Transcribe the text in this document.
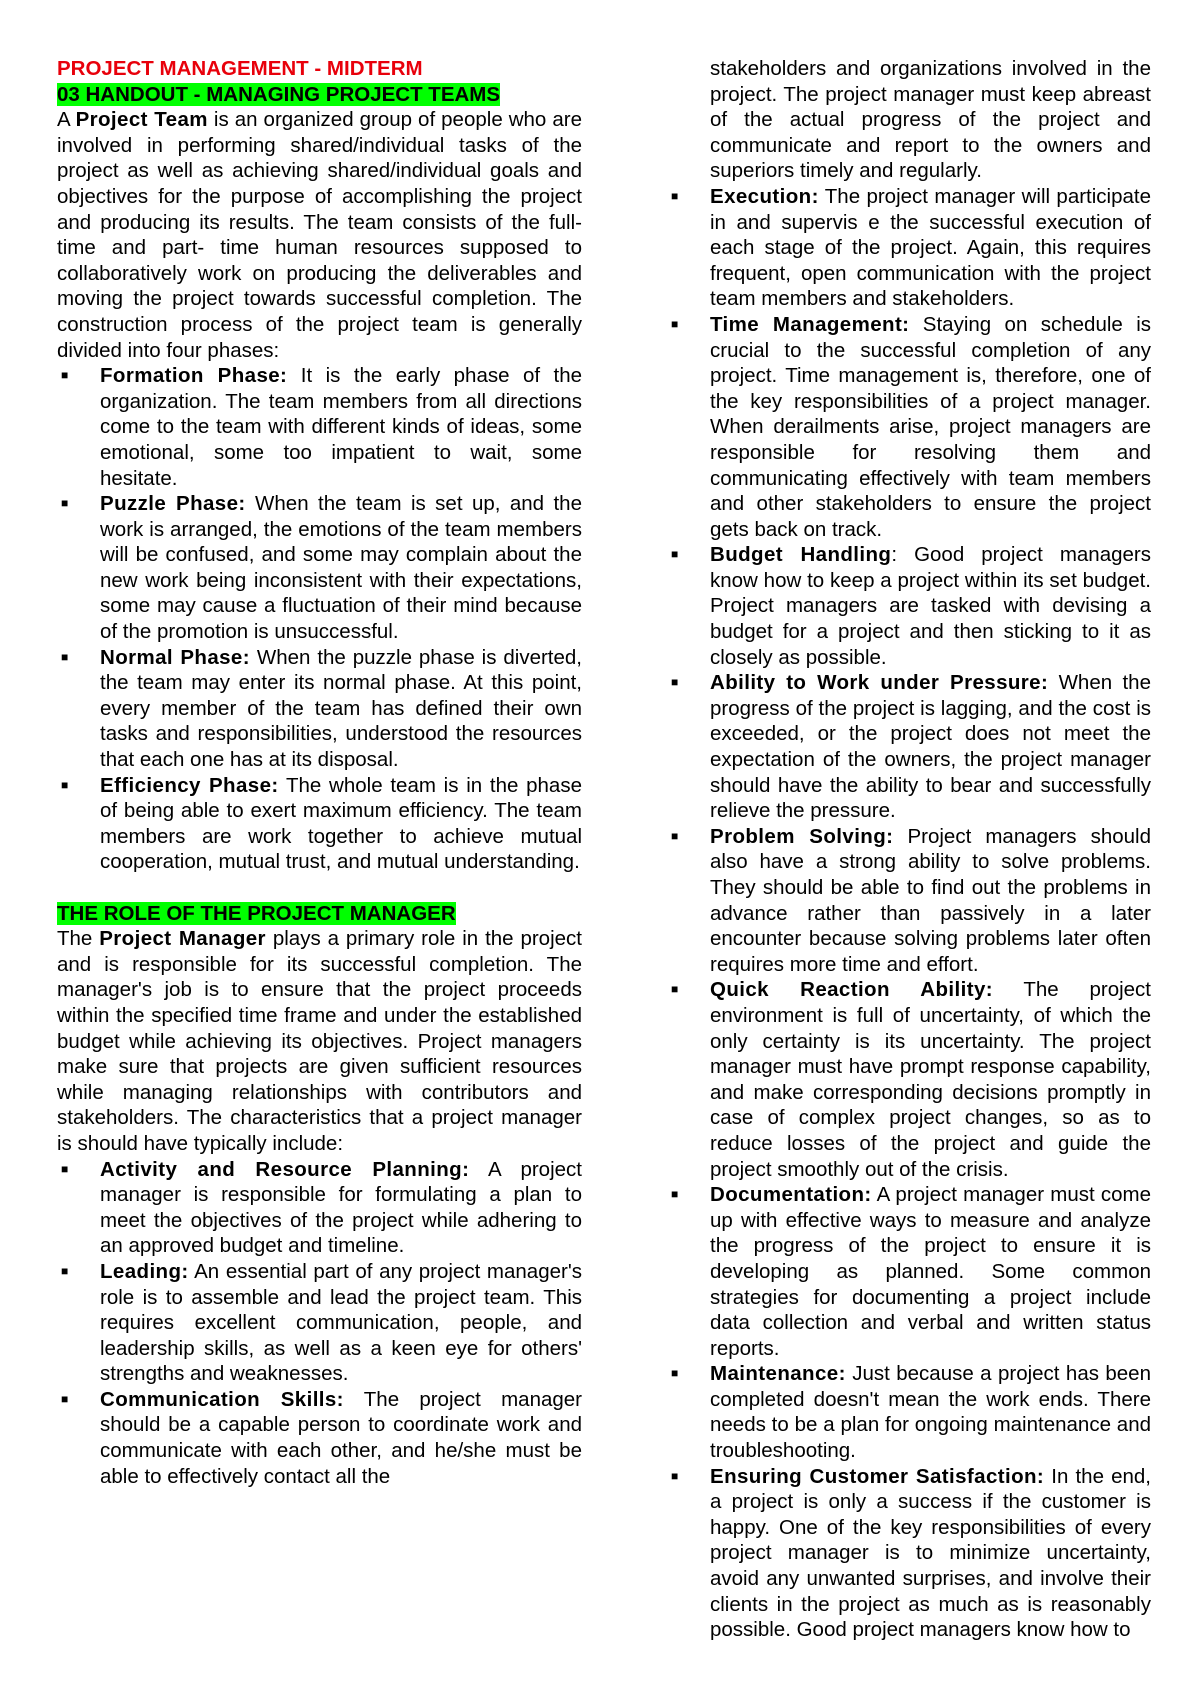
PROJECT MANAGEMENT - MIDTERM
03 HANDOUT - MANAGING PROJECT TEAMS

A Project Team is an organized group of people who are involved in performing shared/individual tasks of the project as well as achieving shared/individual goals and objectives for the purpose of accomplishing the project and producing its results. The team consists of the full-time and part- time human resources supposed to collaboratively work on producing the deliverables and moving the project towards successful completion. The construction process of the project team is generally divided into four phases:

■ Formation Phase: It is the early phase of the organization. The team members from all directions come to the team with different kinds of ideas, some emotional, some too impatient to wait, some hesitate.
■ Puzzle Phase: When the team is set up, and the work is arranged, the emotions of the team members will be confused, and some may complain about the new work being inconsistent with their expectations, some may cause a fluctuation of their mind because of the promotion is unsuccessful.
■ Normal Phase: When the puzzle phase is diverted, the team may enter its normal phase. At this point, every member of the team has defined their own tasks and responsibilities, understood the resources that each one has at its disposal.
■ Efficiency Phase: The whole team is in the phase of being able to exert maximum efficiency. The team members are work together to achieve mutual cooperation, mutual trust, and mutual understanding.
THE ROLE OF THE PROJECT MANAGER

The Project Manager plays a primary role in the project and is responsible for its successful completion. The manager's job is to ensure that the project proceeds within the specified time frame and under the established budget while achieving its objectives. Project managers make sure that projects are given sufficient resources while managing relationships with contributors and stakeholders. The characteristics that a project manager is should have typically include:

■ Activity and Resource Planning: A project manager is responsible for formulating a plan to meet the objectives of the project while adhering to an approved budget and timeline.
■ Leading: An essential part of any project manager's role is to assemble and lead the project team. This requires excellent communication, people, and leadership skills, as well as a keen eye for others' strengths and weaknesses.
■ Communication Skills: The project manager should be a capable person to coordinate work and communicate with each other, and he/she must be able to effectively contact all the
stakeholders and organizations involved in the project. The project manager must keep abreast of the actual progress of the project and communicate and report to the owners and superiors timely and regularly.
■ Execution: The project manager will participate in and supervis e the successful execution of each stage of the project. Again, this requires frequent, open communication with the project team members and stakeholders.
■ Time Management: Staying on schedule is crucial to the successful completion of any project. Time management is, therefore, one of the key responsibilities of a project manager. When derailments arise, project managers are responsible for resolving them and communicating effectively with team members and other stakeholders to ensure the project gets back on track.
■ Budget Handling: Good project managers know how to keep a project within its set budget. Project managers are tasked with devising a budget for a project and then sticking to it as closely as possible.
■ Ability to Work under Pressure: When the progress of the project is lagging, and the cost is exceeded, or the project does not meet the expectation of the owners, the project manager should have the ability to bear and successfully relieve the pressure.
■ Problem Solving: Project managers should also have a strong ability to solve problems. They should be able to find out the problems in advance rather than passively in a later encounter because solving problems later often requires more time and effort.
■ Quick Reaction Ability: The project environment is full of uncertainty, of which the only certainty is its uncertainty. The project manager must have prompt response capability, and make corresponding decisions promptly in case of complex project changes, so as to reduce losses of the project and guide the project smoothly out of the crisis.
■ Documentation: A project manager must come up with effective ways to measure and analyze the progress of the project to ensure it is developing as planned. Some common strategies for documenting a project include data collection and verbal and written status reports.
■ Maintenance: Just because a project has been completed doesn't mean the work ends. There needs to be a plan for ongoing maintenance and troubleshooting.
■ Ensuring Customer Satisfaction: In the end, a project is only a success if the customer is happy. One of the key responsibilities of every project manager is to minimize uncertainty, avoid any unwanted surprises, and involve their clients in the project as much as is reasonably possible. Good project managers know how to
